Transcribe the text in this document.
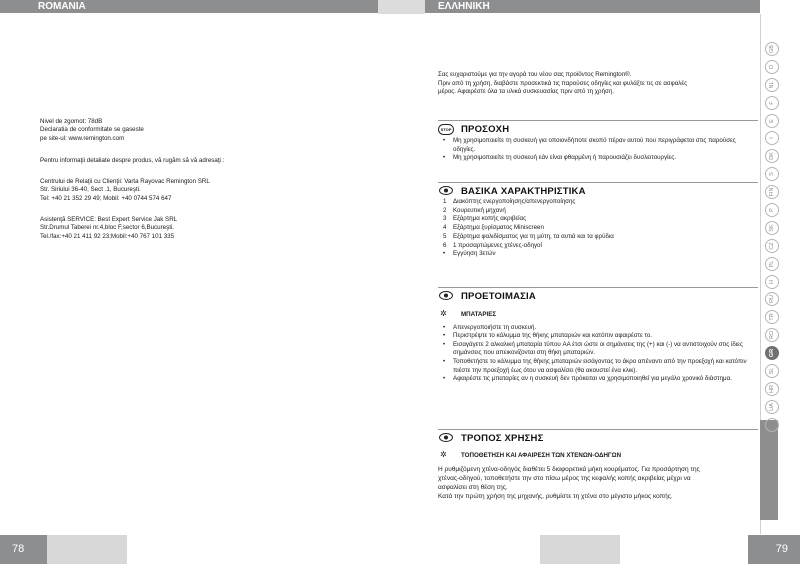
ROMANIA	ΕΛΛΗΝΙΚΗ

Nivel de zgomot: 78dB

Declaratia de conformitate se gaseste

pe site-ul: www.remington.com

Pentru informaţii detaliate despre produs, vă rugăm să vă adresaţi :

Centrului de Relaţii cu Clienţii: Varta Rayovac Remington SRL

Str. Siriului 36-40, Sect .1, Bucureşti.

Tel: +40 21 352 29 49; Mobil: +40 0744 574 647

Asistenţă SERVICE: Best Expert Service Jak SRL

Str.Drumul Taberei nr.4,bloc F,sector 6,Bucureşti.

Tel./fax:+40 21 411 92 23;Mobil:+40 767 101 335

Σας ευχαριστούμε για την αγορά του νέου σας προϊόντος Remington®.

Πριν από τη χρήση, διαβάστε προσεκτικά τις παρούσες οδηγίες και φυλάξτε τις σε ασφαλές

μέρος. Αφαιρέστε όλα τα υλικά συσκευασίας πριν από τη χρήση.

STOP ΠΡΟΣΟΧΗ
• Μη χρησιμοποιείτε τη συσκευή για οποιονδήποτε σκοπό πέραν αυτού που περιγράφεται στις παρούσες οδηγίες.
• Μη χρησιμοποιείτε τη συσκευή εάν είναι φθαρμένη ή παρουσιάζει δυσλειτουργίες.
ΒΑΣΙΚΑ ΧΑΡΑΚΤΗΡΙΣΤΙΚΑ
1 Διακόπτης ενεργοποίησης/απενεργοποίησης
2 Κουρευτική μηχανή
3 Εξάρτημα κοπής ακριβείας
4 Εξάρτημα ξυρίσματος Miniscreen
5 Εξάρτημα φαλιδίσματος για τη μύτη, τα αυτιά και τα φρύδια
6 1 προσαρτώμενες χτένες-οδηγοί
• Εγγύηση 3ετών
ΠΡΟΕΤΟΙΜΑΣΙΑ
✲ ΜΠΑΤΑΡΙΕΣ
• Απενεργοποιήστε τη συσκευή.
• Περιστρέψτε το κάλυμμα της θήκης μπαταριών και κατόπιν αφαιρέστε το.
• Εισαγάγετε 2 αλκαλική μπαταρία τύπου AA έτσι ώστε οι σημάνσεις της (+) και (-) να αντιστοιχούν στις ίδιες σημάνσεις που απεικονίζονται στη θήκη μπαταριών.
• Τοποθετήστε το κάλυμμα της θήκης μπαταριών εισάγοντας το άκρο απέναντι από την προεξοχή και κατόπιν πιέστε την προεξοχή έως ότου να ασφαλίσει (θα ακουστεί ένα κλικ).
• Αφαιρέστε τις μπαταρίες αν η συσκευή δεν πρόκειται να χρησιμοποιηθεί για μεγάλο χρονικό διάστημα.
ΤΡΟΠΟΣ ΧΡΗΣΗΣ
✲ ΤΟΠΟΘΕΤΗΣΗ ΚΑΙ ΑΦΑΙΡΕΣΗ ΤΩΝ ΧΤΕΝΩΝ-ΟΔΗΓΩΝ
Η ρυθμιζόμενη χτένα-οδηγός διαθέτει 5 διαφορετικά μήκη κουρέματος. Για προσάρτηση της
χτένας-οδηγού, τοποθετήστε την στο πίσω μέρος της κεφαλής κοπής ακριβείας μέχρι να
ασφαλίσει στη θέση της.
Κατά την πρώτη χρήση της μηχανής, ρυθμίστε τη χτένα στο μέγιστο μήκος κοπής.
GB
D
NL
F
E
I
DK
S
FIN
P
SK
CZ
PL
H
RU
TR
RO
GR
SL
HR
UA
AE
78	79
